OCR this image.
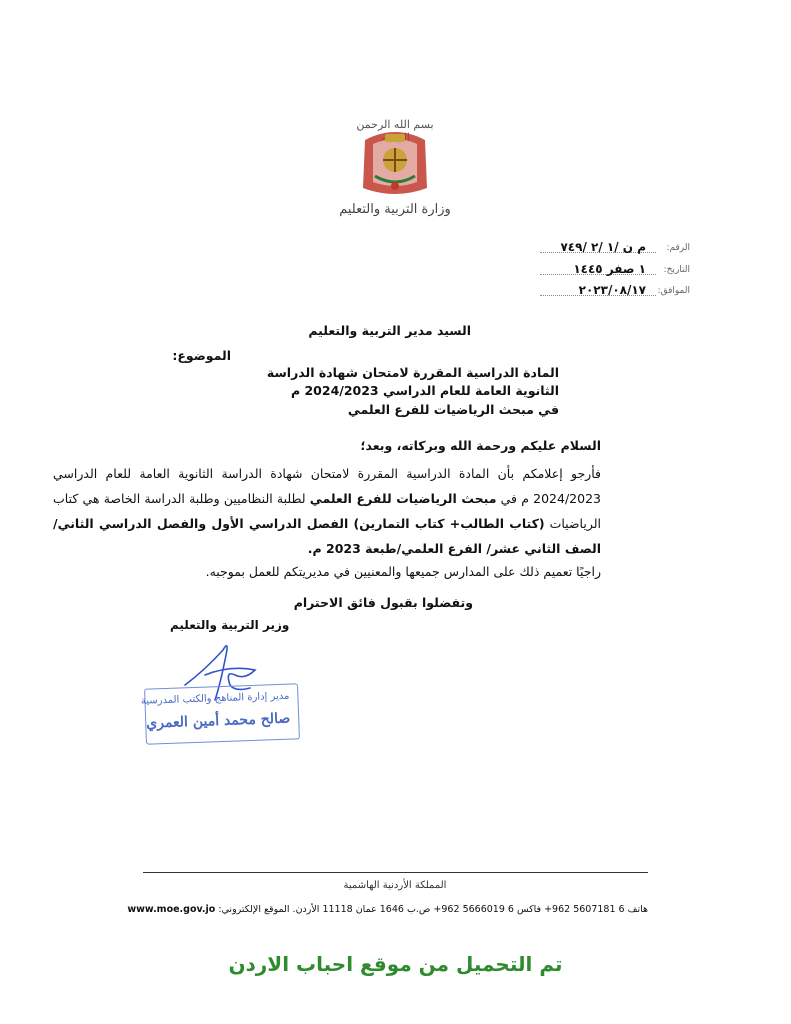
بسم الله الرحمن
وزارة التربية والتعليم
الرقم:
م ن /١ /٢ /٧٤٩
التاريخ:
١ صفر ١٤٤٥
الموافق:
٢٠٢٣/٠٨/١٧
السيد مدير التربية والتعليم
الموضوع:
المادة الدراسية المقررة لامتحان شهادة الدراسة
الثانوية العامة للعام الدراسي 2024/2023 م
في مبحث الرياضيات للفرع العلمي
السلام عليكم ورحمة الله وبركاته، وبعد؛
فأرجو إعلامكم بأن المادة الدراسية المقررة لامتحان شهادة الدراسة الثانوية العامة للعام الدراسي 2024/2023 م في مبحث الرياضيات للفرع العلمي لطلبة النظاميين وطلبة الدراسة الخاصة هي كتاب الرياضيات (كتاب الطالب+ كتاب التمارين) الفصل الدراسي الأول والفصل الدراسي الثاني/الصف الثاني عشر/ الفرع العلمي/طبعة 2023 م.
راجيًا تعميم ذلك على المدارس جميعها والمعنيين في مديريتكم للعمل بموجبه.
وتفضلوا بقبول فائق الاحترام
وزير التربية والتعليم
مدير إدارة المناهج والكتب المدرسية
صالح محمد أمين العمري
المملكة الأردنية الهاشمية
هاتف 6 5607181 962+ فاكس 6 5666019 962+ ص.ب 1646 عمان 11118 الأردن. الموقع الإلكتروني: www.moe.gov.jo
تم التحميل من موقع احباب الاردن
